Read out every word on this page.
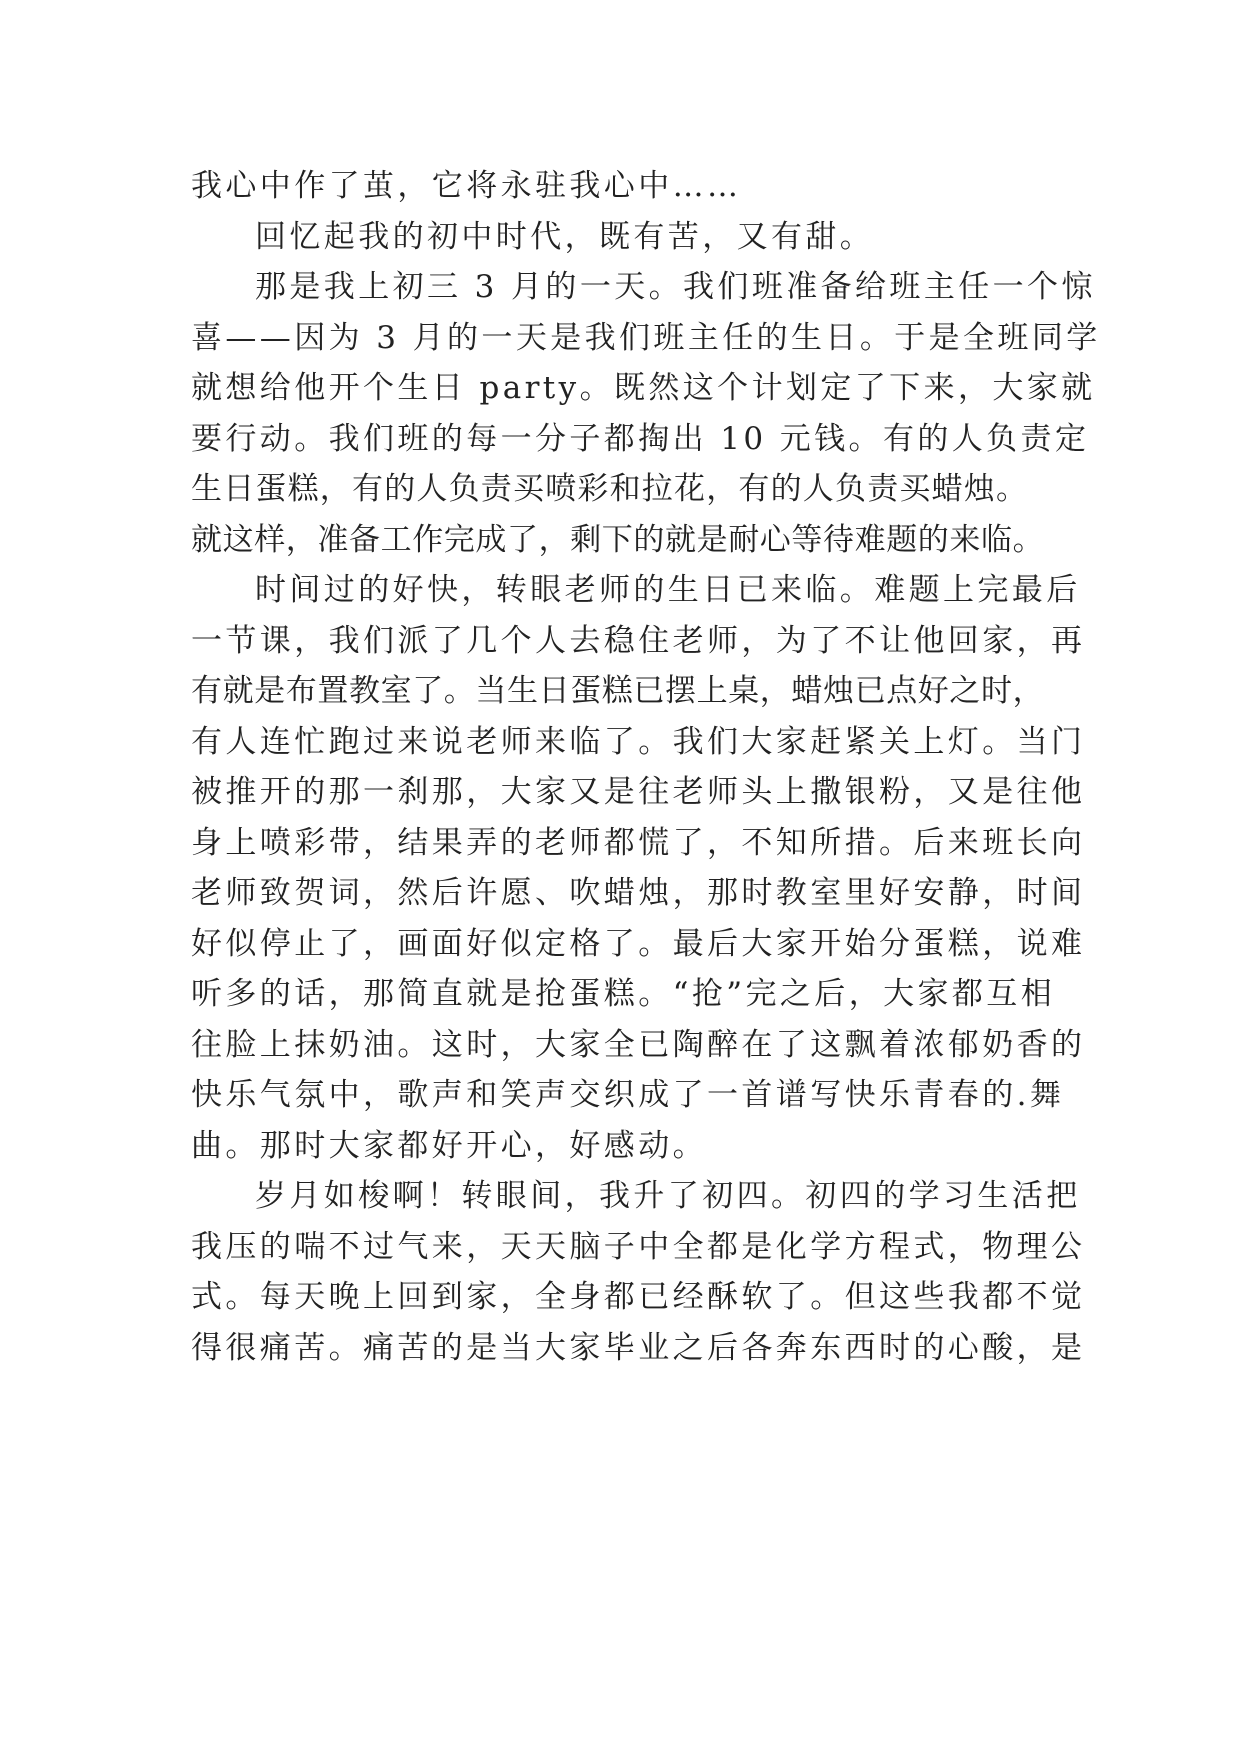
我心中作了茧，它将永驻我心中……
回忆起我的初中时代，既有苦，又有甜。
那是我上初三 3 月的一天。我们班准备给班主任一个惊
喜——因为 3 月的一天是我们班主任的生日。于是全班同学
就想给他开个生日 party。既然这个计划定了下来，大家就
要行动。我们班的每一分子都掏出 10 元钱。有的人负责定
生日蛋糕，有的人负责买喷彩和拉花，有的人负责买蜡烛。
就这样，准备工作完成了，剩下的就是耐心等待难题的来临。
时间过的好快，转眼老师的生日已来临。难题上完最后
一节课，我们派了几个人去稳住老师，为了不让他回家，再
有就是布置教室了。当生日蛋糕已摆上桌，蜡烛已点好之时，
有人连忙跑过来说老师来临了。我们大家赶紧关上灯。当门
被推开的那一刹那，大家又是往老师头上撒银粉，又是往他
身上喷彩带，结果弄的老师都慌了，不知所措。后来班长向
老师致贺词，然后许愿、吹蜡烛，那时教室里好安静，时间
好似停止了，画面好似定格了。最后大家开始分蛋糕，说难
听多的话，那简直就是抢蛋糕。“抢”完之后，大家都互相
往脸上抹奶油。这时，大家全已陶醉在了这飘着浓郁奶香的
快乐气氛中，歌声和笑声交织成了一首谱写快乐青春的.舞
曲。那时大家都好开心，好感动。
岁月如梭啊！转眼间，我升了初四。初四的学习生活把
我压的喘不过气来，天天脑子中全都是化学方程式，物理公
式。每天晚上回到家，全身都已经酥软了。但这些我都不觉
得很痛苦。痛苦的是当大家毕业之后各奔东西时的心酸，是
